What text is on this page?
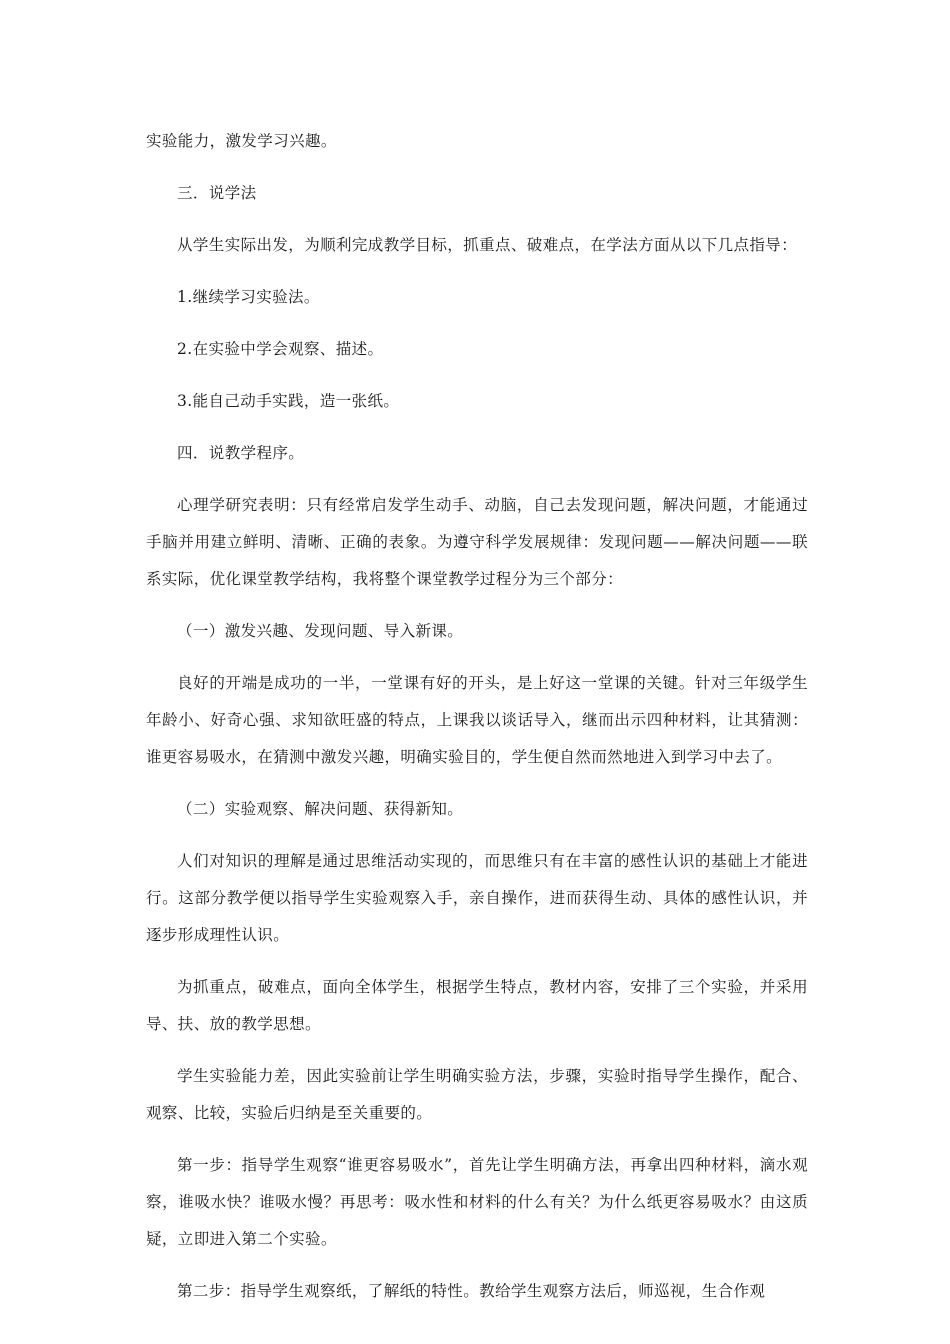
实验能力，激发学习兴趣。

三．说学法

从学生实际出发，为顺利完成教学目标，抓重点、破难点，在学法方面从以下几点指导：

1.继续学习实验法。

2.在实验中学会观察、描述。

3.能自己动手实践，造一张纸。

四．说教学程序。

心理学研究表明：只有经常启发学生动手、动脑，自己去发现问题，解决问题，才能通过手脑并用建立鲜明、清晰、正确的表象。为遵守科学发展规律：发现问题——解决问题——联系实际，优化课堂教学结构，我将整个课堂教学过程分为三个部分：

（一）激发兴趣、发现问题、导入新课。

良好的开端是成功的一半，一堂课有好的开头，是上好这一堂课的关键。针对三年级学生年龄小、好奇心强、求知欲旺盛的特点，上课我以谈话导入，继而出示四种材料，让其猜测：谁更容易吸水，在猜测中激发兴趣，明确实验目的，学生便自然而然地进入到学习中去了。

（二）实验观察、解决问题、获得新知。

人们对知识的理解是通过思维活动实现的，而思维只有在丰富的感性认识的基础上才能进行。这部分教学便以指导学生实验观察入手，亲自操作，进而获得生动、具体的感性认识，并逐步形成理性认识。

为抓重点，破难点，面向全体学生，根据学生特点，教材内容，安排了三个实验，并采用导、扶、放的教学思想。

学生实验能力差，因此实验前让学生明确实验方法，步骤，实验时指导学生操作，配合、观察、比较，实验后归纳是至关重要的。

第一步：指导学生观察“谁更容易吸水”，首先让学生明确方法，再拿出四种材料，滴水观察，谁吸水快？谁吸水慢？再思考：吸水性和材料的什么有关？为什么纸更容易吸水？由这质疑，立即进入第二个实验。

第二步：指导学生观察纸，了解纸的特性。教给学生观察方法后，师巡视，生合作观
